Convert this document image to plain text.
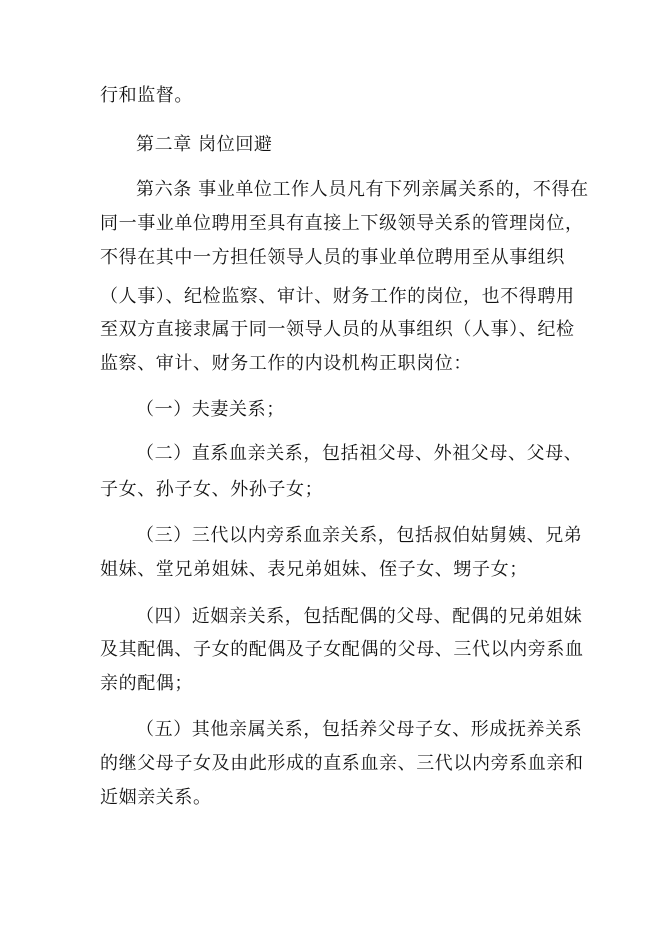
行和监督。
第二章 岗位回避
第六条 事业单位工作人员凡有下列亲属关系的，不得在
同一事业单位聘用至具有直接上下级领导关系的管理岗位，
不得在其中一方担任领导人员的事业单位聘用至从事组织
（人事）、纪检监察、审计、财务工作的岗位，也不得聘用
至双方直接隶属于同一领导人员的从事组织（人事）、纪检
监察、审计、财务工作的内设机构正职岗位：
（一）夫妻关系；
（二）直系血亲关系，包括祖父母、外祖父母、父母、
子女、孙子女、外孙子女；
（三）三代以内旁系血亲关系，包括叔伯姑舅姨、兄弟
姐妹、堂兄弟姐妹、表兄弟姐妹、侄子女、甥子女；
（四）近姻亲关系，包括配偶的父母、配偶的兄弟姐妹
及其配偶、子女的配偶及子女配偶的父母、三代以内旁系血
亲的配偶；
（五）其他亲属关系，包括养父母子女、形成抚养关系
的继父母子女及由此形成的直系血亲、三代以内旁系血亲和
近姻亲关系。
